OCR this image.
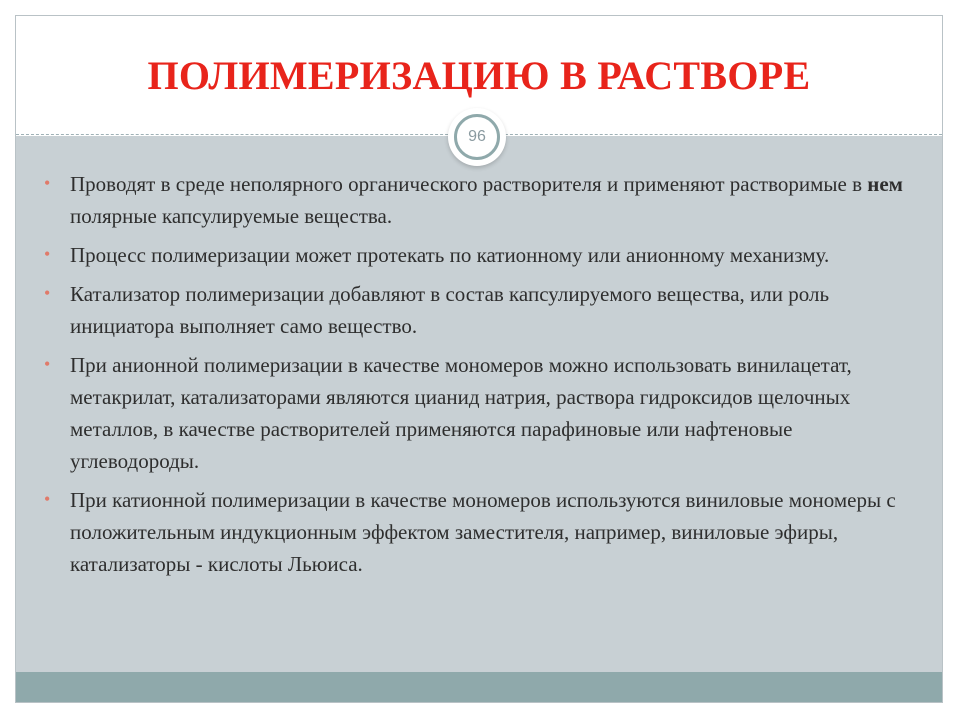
ПОЛИМЕРИЗАЦИЮ В РАСТВОРЕ
96
• Проводят в среде неполярного органического растворителя и применяют растворимые в нем полярные капсулируемые вещества.
• Процесс полимеризации может протекать по катионному или анионному механизму.
• Катализатор полимеризации добавляют в состав капсулируемого вещества, или роль инициатора выполняет само вещество.
• При анионной полимеризации в качестве мономеров можно использовать винилацетат, метакрилат, катализаторами являются цианид натрия, раствора гидроксидов щелочных металлов, в качестве растворителей применяются парафиновые или нафтеновые углеводороды.
• При катионной полимеризации в качестве мономеров используются виниловые мономеры с положительным индукционным эффектом заместителя, например, виниловые эфиры, катализаторы - кислоты Льюиса.
